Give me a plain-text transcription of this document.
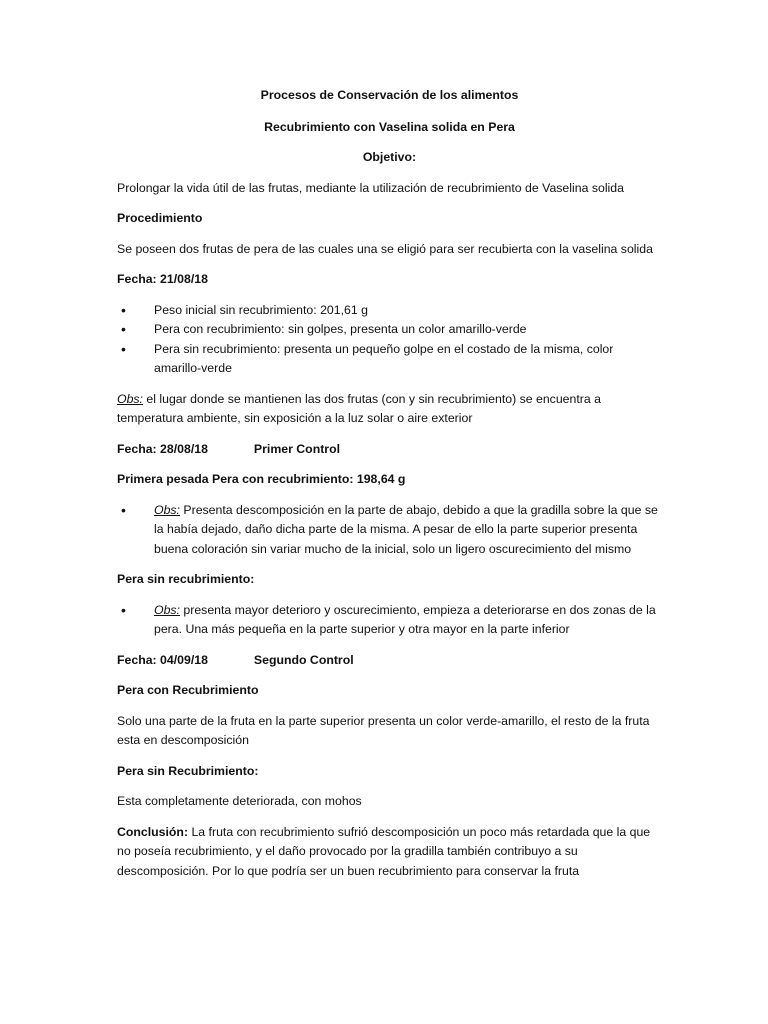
Procesos de Conservación de los alimentos

Recubrimiento con Vaselina solida en Pera

Objetivo:

Prolongar la vida útil de las frutas, mediante la utilización de recubrimiento de Vaselina solida

Procedimiento

Se poseen dos frutas de pera de las cuales una se eligió para ser recubierta con la vaselina solida

Fecha: 21/08/18

• Peso inicial sin recubrimiento: 201,61 g
• Pera con recubrimiento: sin golpes, presenta un color amarillo-verde
• Pera sin recubrimiento: presenta un pequeño golpe en el costado de la misma, color amarillo-verde

Obs: el lugar donde se mantienen las dos frutas (con y sin recubrimiento) se encuentra a temperatura ambiente, sin exposición a la luz solar o aire exterior

Fecha: 28/08/18	Primer Control

Primera pesada Pera con recubrimiento: 198,64 g

• Obs: Presenta descomposición en la parte de abajo, debido a que la gradilla sobre la que se la había dejado, daño dicha parte de la misma. A pesar de ello la parte superior presenta buena coloración sin variar mucho de la inicial, solo un ligero oscurecimiento del mismo

Pera sin recubrimiento:

• Obs: presenta mayor deterioro y oscurecimiento, empieza a deteriorarse en dos zonas de la pera. Una más pequeña en la parte superior y otra mayor en la parte inferior

Fecha: 04/09/18	Segundo Control

Pera con Recubrimiento

Solo una parte de la fruta en la parte superior presenta un color verde-amarillo, el resto de la fruta esta en descomposición

Pera sin Recubrimiento:

Esta completamente deteriorada, con mohos

Conclusión: La fruta con recubrimiento sufrió descomposición un poco más retardada que la que no poseía recubrimiento, y el daño provocado por la gradilla también contribuyo a su descomposición. Por lo que podría ser un buen recubrimiento para conservar la fruta
